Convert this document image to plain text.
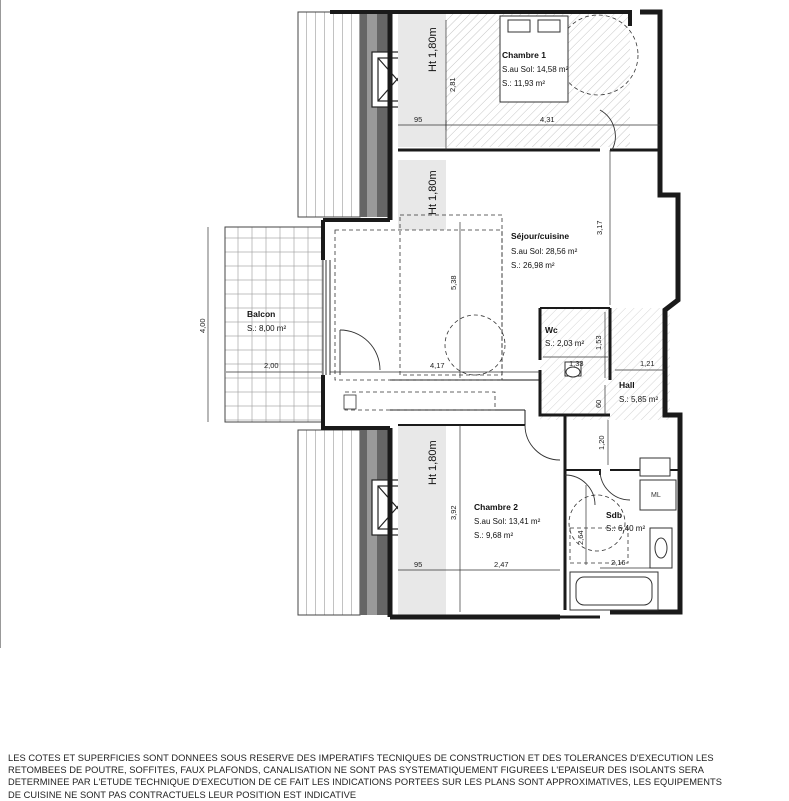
Ht 1,80m
Ht 1,80m
Ht 1,80m
Chambre 1
S.au Sol: 14,58 m²
S.: 11,93 m²
Séjour/cuisine
S.au Sol: 28,56 m²
S.: 26,98 m²
Balcon
S.: 8,00 m²	Wc
S.: 2,03 m²
Hall
S.: 5,85 m²
Chambre 2
S.au Sol: 13,41 m²
S.: 9,68 m²
Sdb
S.: 6,40 m²
ML
2,81
95	4,31
3,17
5,38
4,00
2,00	4,17	1,33
1,53
1,21
60
1,20
3,92
95	2,47
2,64
2,16
LES COTES ET SUPERFICIES SONT DONNEES SOUS RESERVE DES IMPERATIFS TECNIQUES DE CONSTRUCTION ET DES TOLERANCES D'EXECUTION LES
RETOMBEES DE POUTRE, SOFFITES, FAUX PLAFONDS, CANALISATION NE SONT PAS SYSTEMATIQUEMENT FIGUREES L'EPAISEUR DES ISOLANTS SERA
DETERMINEE PAR L'ETUDE TECHNIQUE D'EXECUTION DE CE FAIT LES INDICATIONS PORTEES SUR LES PLANS SONT APPROXIMATIVES, LES EQUIPEMENTS
DE CUISINE NE SONT PAS CONTRACTUELS LEUR POSITION EST INDICATIVE
